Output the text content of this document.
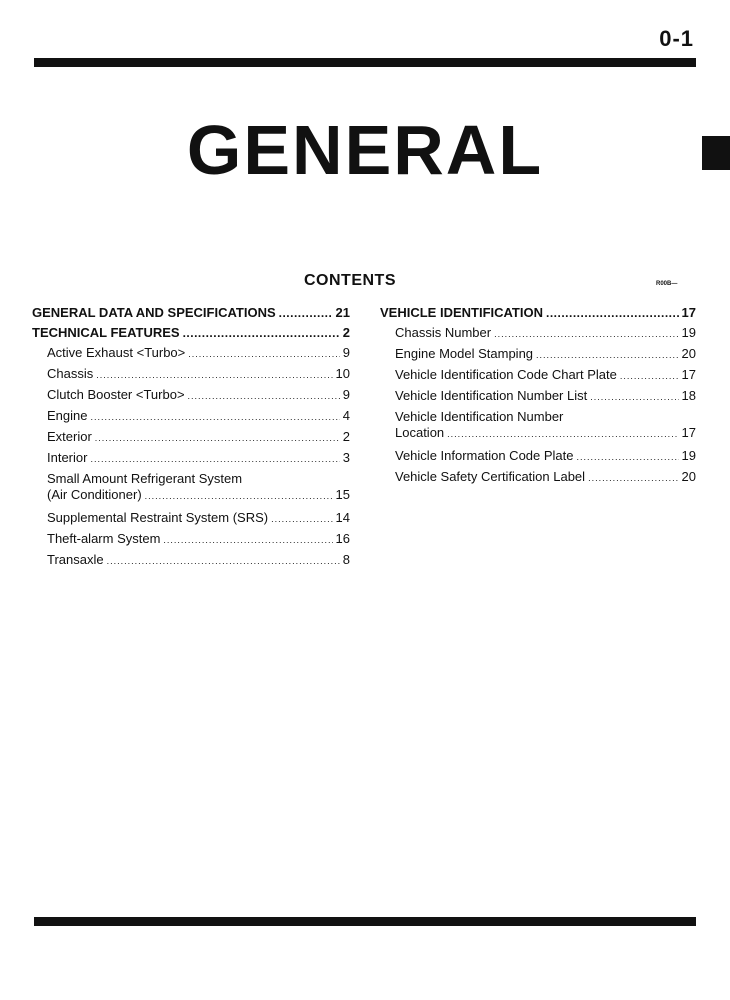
0-1
GENERAL
CONTENTS	R00B—
GENERAL DATA AND SPECIFICATIONS .....	21
TECHNICAL FEATURES .....	2
Active Exhaust <Turbo> .....	9
Chassis .....	10
Clutch Booster <Turbo> .....	9
Engine .....	4
Exterior .....	2
Interior .....	3
Small Amount Refrigerant System
(Air Conditioner) .....	15
Supplemental Restraint System (SRS) .....	14
Theft-alarm System .....	16
Transaxle .....	8
VEHICLE IDENTIFICATION .....	17
Chassis Number .....	19
Engine Model Stamping .....	20
Vehicle Identification Code Chart Plate .....	17
Vehicle Identification Number List .....	18
Vehicle Identification Number
Location .....	17
Vehicle Information Code Plate .....	19
Vehicle Safety Certification Label .....	20
